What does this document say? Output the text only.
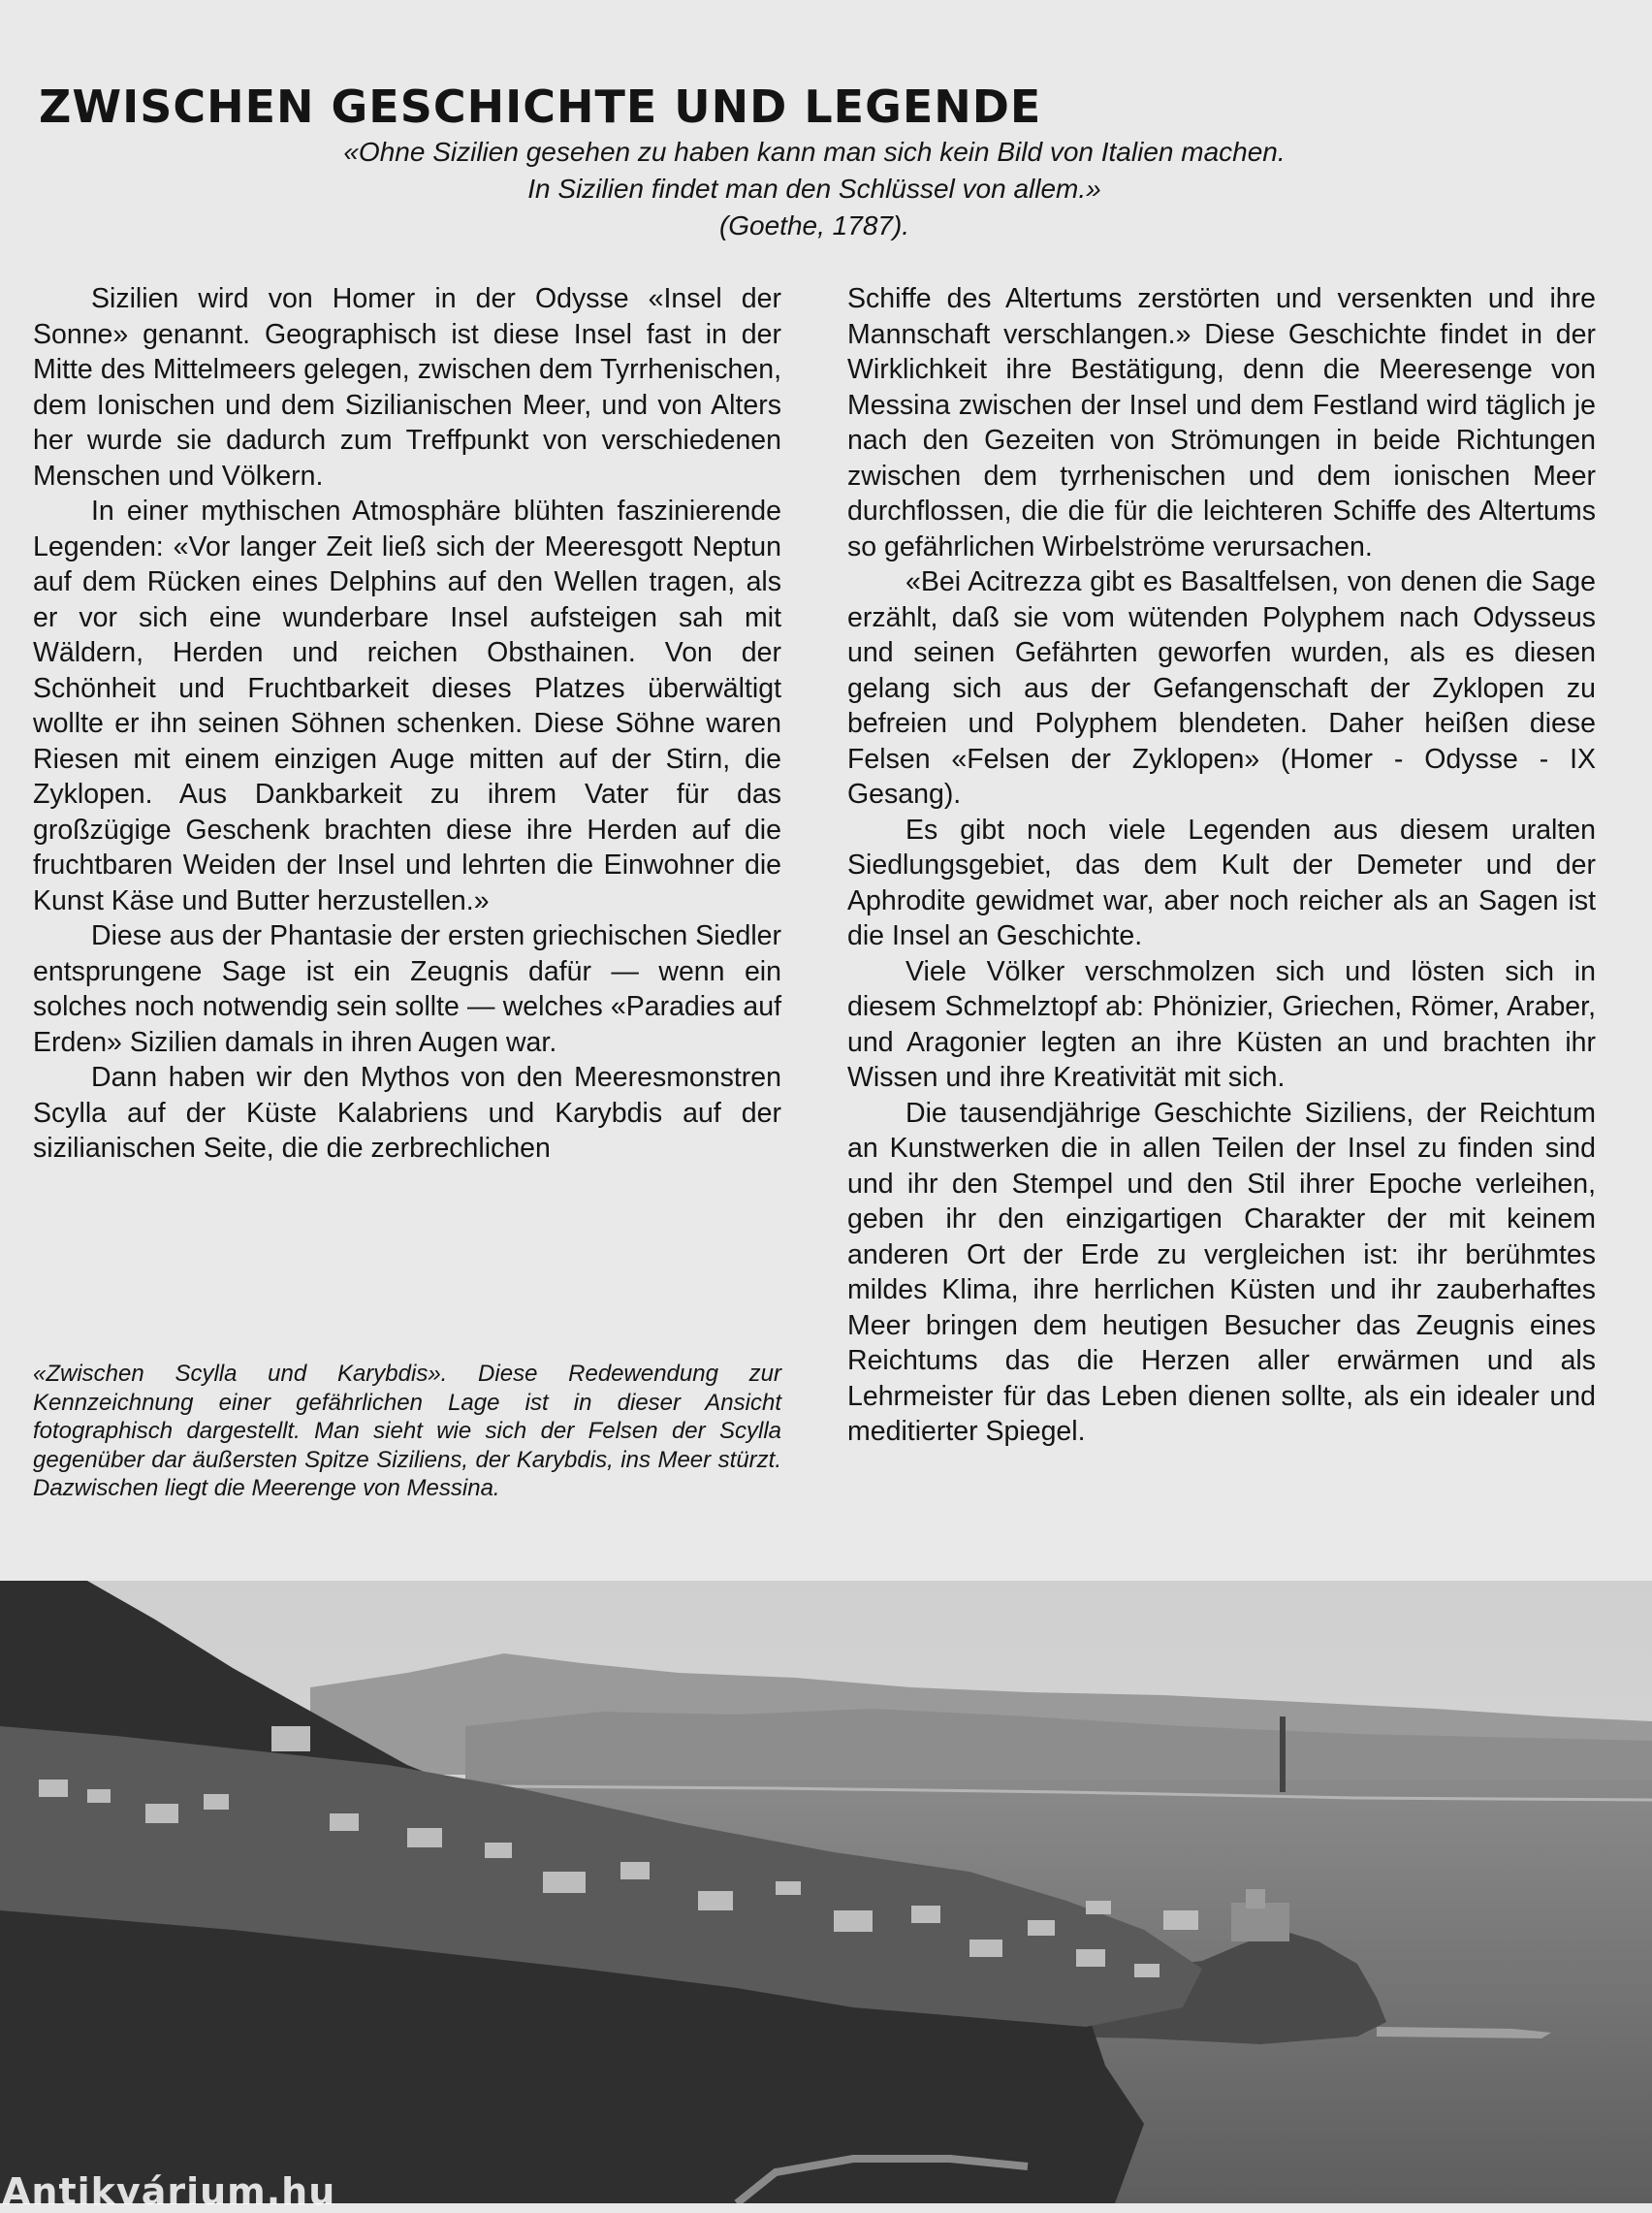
ZWISCHEN GESCHICHTE UND LEGENDE
«Ohne Sizilien gesehen zu haben kann man sich kein Bild von Italien machen.
In Sizilien findet man den Schlüssel von allem.»
(Goethe, 1787).

Sizilien wird von Homer in der Odysse «Insel der Sonne» genannt. Geographisch ist diese Insel fast in der Mitte des Mittelmeers gelegen, zwischen dem Tyrrhenischen, dem Ionischen und dem Sizilianischen Meer, und von Alters her wurde sie dadurch zum Treffpunkt von verschiedenen Menschen und Völkern.

In einer mythischen Atmosphäre blühten faszinierende Legenden: «Vor langer Zeit ließ sich der Meeresgott Neptun auf dem Rücken eines Delphins auf den Wellen tragen, als er vor sich eine wunderbare Insel aufsteigen sah mit Wäldern, Herden und reichen Obsthainen. Von der Schönheit und Fruchtbarkeit dieses Platzes überwältigt wollte er ihn seinen Söhnen schenken. Diese Söhne waren Riesen mit einem einzigen Auge mitten auf der Stirn, die Zyklopen. Aus Dankbarkeit zu ihrem Vater für das großzügige Geschenk brachten diese ihre Herden auf die fruchtbaren Weiden der Insel und lehrten die Einwohner die Kunst Käse und Butter herzustellen.»

Diese aus der Phantasie der ersten griechischen Siedler entsprungene Sage ist ein Zeugnis dafür — wenn ein solches noch notwendig sein sollte — welches «Paradies auf Erden» Sizilien damals in ihren Augen war.

Dann haben wir den Mythos von den Meeresmonstren Scylla auf der Küste Kalabriens und Karybdis auf der sizilianischen Seite, die die zerbrechlichen

«Zwischen Scylla und Karybdis». Diese Redewendung zur Kennzeichnung einer gefährlichen Lage ist in dieser Ansicht fotographisch dargestellt. Man sieht wie sich der Felsen der Scylla gegenüber dar äußersten Spitze Siziliens, der Karybdis, ins Meer stürzt. Dazwischen liegt die Meerenge von Messina.

Schiffe des Altertums zerstörten und versenkten und ihre Mannschaft verschlangen.» Diese Geschichte findet in der Wirklichkeit ihre Bestätigung, denn die Meeresenge von Messina zwischen der Insel und dem Festland wird täglich je nach den Gezeiten von Strömungen in beide Richtungen zwischen dem tyrrhenischen und dem ionischen Meer durchflossen, die die für die leichteren Schiffe des Altertums so gefährlichen Wirbelströme verursachen.

«Bei Acitrezza gibt es Basaltfelsen, von denen die Sage erzählt, daß sie vom wütenden Polyphem nach Odysseus und seinen Gefährten geworfen wurden, als es diesen gelang sich aus der Gefangenschaft der Zyklopen zu befreien und Polyphem blendeten. Daher heißen diese Felsen «Felsen der Zyklopen» (Homer - Odysse - IX Gesang).

Es gibt noch viele Legenden aus diesem uralten Siedlungsgebiet, das dem Kult der Demeter und der Aphrodite gewidmet war, aber noch reicher als an Sagen ist die Insel an Geschichte.

Viele Völker verschmolzen sich und lösten sich in diesem Schmelztopf ab: Phönizier, Griechen, Römer, Araber, und Aragonier legten an ihre Küsten an und brachten ihr Wissen und ihre Kreativität mit sich.

Die tausendjährige Geschichte Siziliens, der Reichtum an Kunstwerken die in allen Teilen der Insel zu finden sind und ihr den Stempel und den Stil ihrer Epoche verleihen, geben ihr den einzigartigen Charakter der mit keinem anderen Ort der Erde zu vergleichen ist: ihr berühmtes mildes Klima, ihre herrlichen Küsten und ihr zauberhaftes Meer bringen dem heutigen Besucher das Zeugnis eines Reichtums das die Herzen aller erwärmen und als Lehrmeister für das Leben dienen sollte, als ein idealer und meditierter Spiegel.

Antikvárium.hu
